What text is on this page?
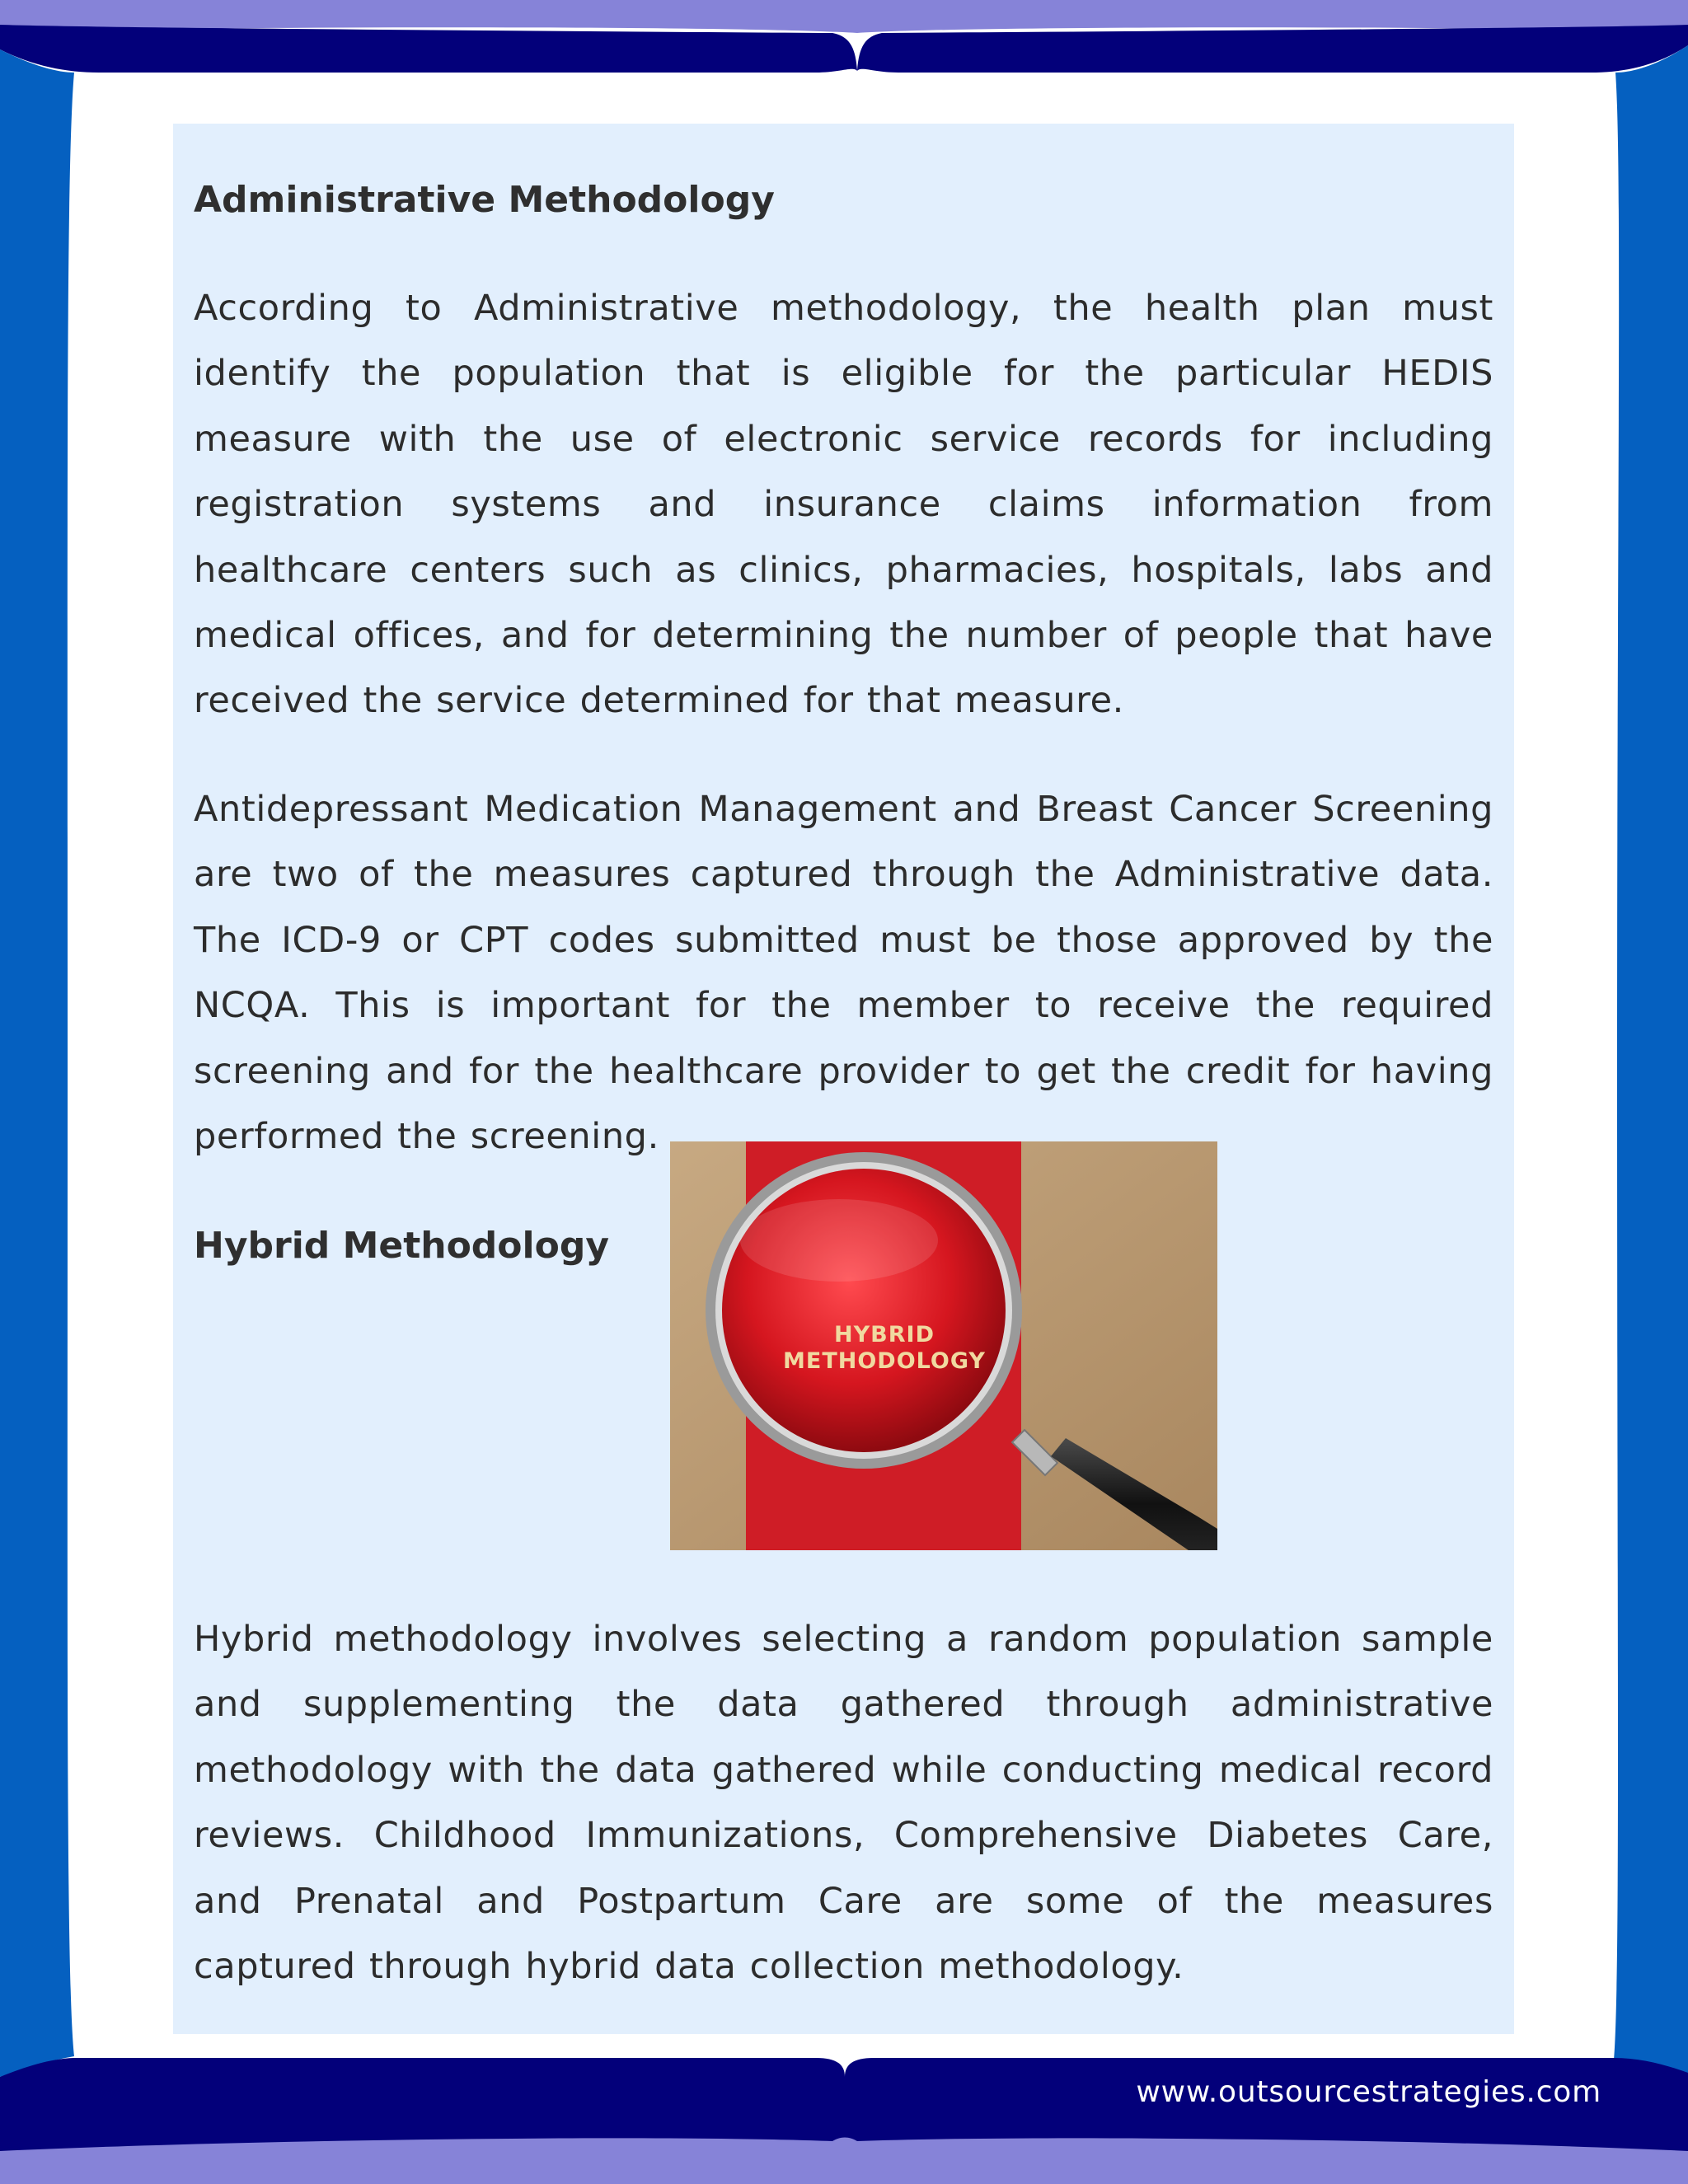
Administrative Methodology

According to Administrative methodology, the health plan must identify the population that is eligible for the particular HEDIS measure with the use of electronic service records for including registration systems and insurance claims information from healthcare centers such as clinics, pharmacies, hospitals, labs and medical offices, and for determining the number of people that have received the service determined for that measure.

Antidepressant Medication Management and Breast Cancer Screening are two of the measures captured through the Administrative data. The ICD-9 or CPT codes submitted must be those approved by the NCQA. This is important for the member to receive the required screening and for the healthcare provider to get the credit for having performed the screening.

Hybrid Methodology
HYBRID
METHODOLOGY

Hybrid methodology involves selecting a random population sample and supplementing the data gathered through administrative methodology with the data gathered while conducting medical record reviews. Childhood Immunizations, Comprehensive Diabetes Care, and Prenatal and Postpartum Care are some of the measures captured through hybrid data collection methodology.

www.outsourcestrategies.com
